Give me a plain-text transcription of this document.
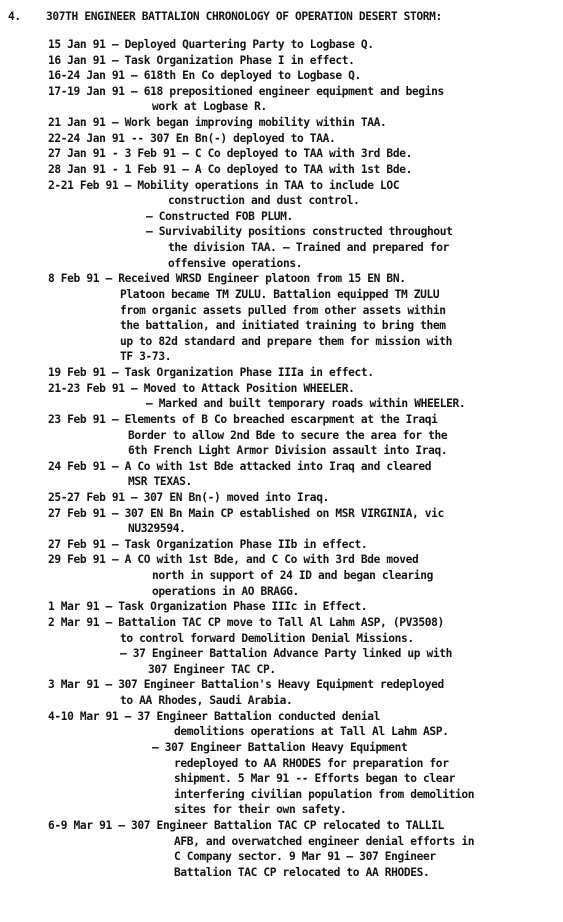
4. 307TH ENGINEER BATTALION CHRONOLOGY OF OPERATION DESERT STORM:
15 Jan 91 — Deployed Quartering Party to Logbase Q.
16 Jan 91 — Task Organization Phase I in effect.
16-24 Jan 91 — 618th En Co deployed to Logbase Q.
17-19 Jan 91 — 618 prepositioned engineer equipment and begins
work at Logbase R.
21 Jan 91 — Work began improving mobility within TAA.
22-24 Jan 91 -- 307 En Bn(-) deployed to TAA.
27 Jan 91 - 3 Feb 91 — C Co deployed to TAA with 3rd Bde.
28 Jan 91 - 1 Feb 91 — A Co deployed to TAA with 1st Bde.
2-21 Feb 91 — Mobility operations in TAA to include LOC
construction and dust control.
— Constructed FOB PLUM.
— Survivability positions constructed throughout
the division TAA. — Trained and prepared for
offensive operations.
8 Feb 91 — Received WRSD Engineer platoon from 15 EN BN.
Platoon became TM ZULU. Battalion equipped TM ZULU
from organic assets pulled from other assets within
the battalion, and initiated training to bring them
up to 82d standard and prepare them for mission with
TF 3-73.
19 Feb 91 — Task Organization Phase IIIa in effect.
21-23 Feb 91 — Moved to Attack Position WHEELER.
— Marked and built temporary roads within WHEELER.
23 Feb 91 — Elements of B Co breached escarpment at the Iraqi
Border to allow 2nd Bde to secure the area for the
6th French Light Armor Division assault into Iraq.
24 Feb 91 — A Co with 1st Bde attacked into Iraq and cleared
MSR TEXAS.
25-27 Feb 91 — 307 EN Bn(-) moved into Iraq.
27 Feb 91 — 307 EN Bn Main CP established on MSR VIRGINIA, vic
NU329594.
27 Feb 91 — Task Organization Phase IIb in effect.
29 Feb 91 — A CO with 1st Bde, and C Co with 3rd Bde moved
north in support of 24 ID and began clearing
operations in AO BRAGG.
1 Mar 91 — Task Organization Phase IIIc in Effect.
2 Mar 91 — Battalion TAC CP move to Tall Al Lahm ASP, (PV3508)
to control forward Demolition Denial Missions.
— 37 Engineer Battalion Advance Party linked up with
307 Engineer TAC CP.
3 Mar 91 — 307 Engineer Battalion's Heavy Equipment redeployed
to AA Rhodes, Saudi Arabia.
4-10 Mar 91 — 37 Engineer Battalion conducted denial
demolitions operations at Tall Al Lahm ASP.
— 307 Engineer Battalion Heavy Equipment
redeployed to AA RHODES for preparation for
shipment. 5 Mar 91 -- Efforts began to clear
interfering civilian population from demolition
sites for their own safety.
6-9 Mar 91 — 307 Engineer Battalion TAC CP relocated to TALLIL
AFB, and overwatched engineer denial efforts in
C Company sector. 9 Mar 91 — 307 Engineer
Battalion TAC CP relocated to AA RHODES.
